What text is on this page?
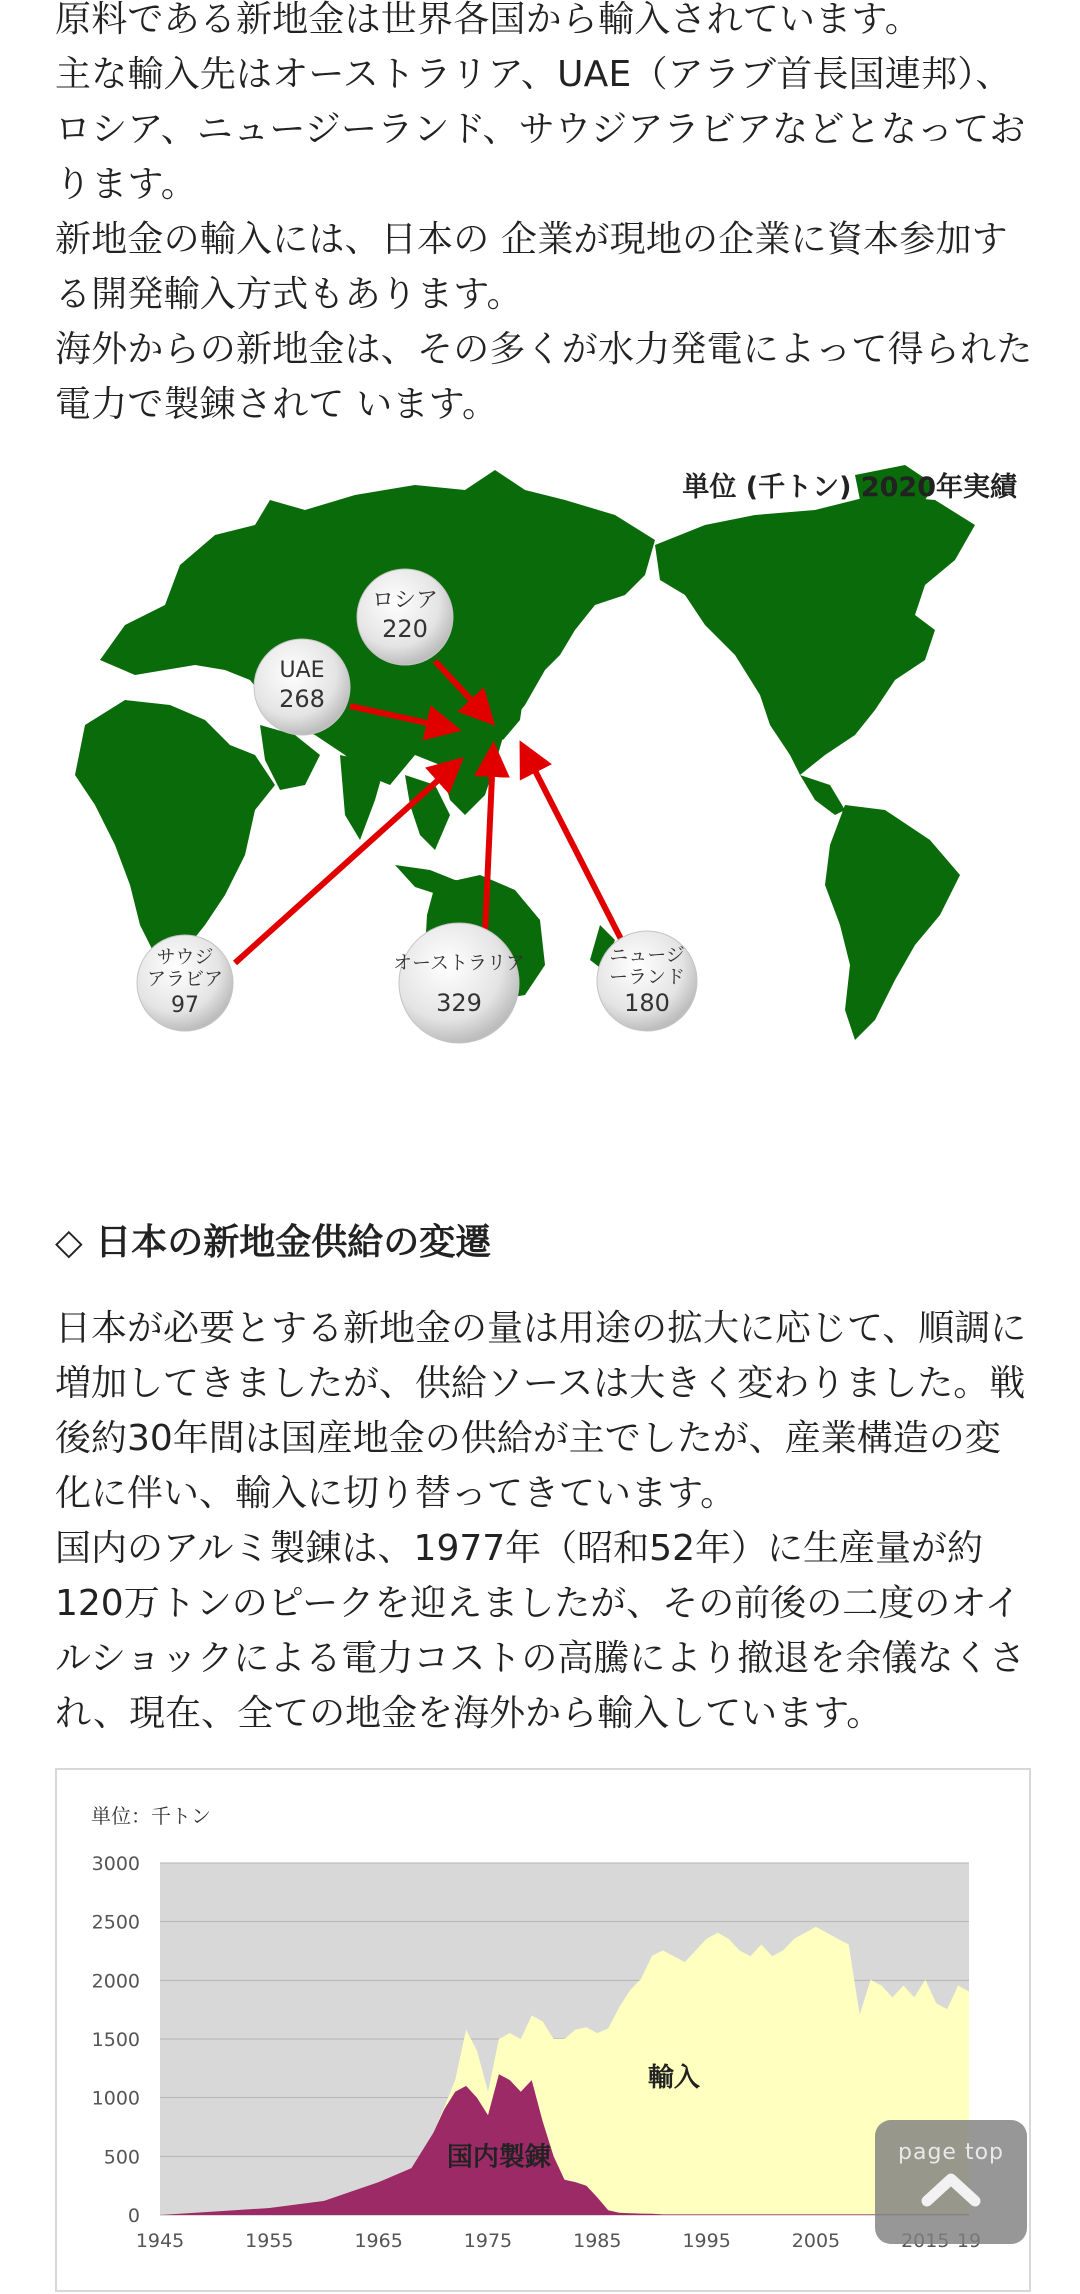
原料である新地金は世界各国から輸入されています。

主な輸入先はオーストラリア、UAE（アラブ首長国連邦）、ロシア、ニュージーランド、サウジアラビアなどとなっております。

新地金の輸入には、日本の 企業が現地の企業に資本参加する開発輸入方式もあります。

海外からの新地金は、その多くが水力発電によって得られた電力で製錬されて います。

単位 (千トン) 2020年実績
ロシア
220
UAE
268
サウジ
アラビア
97
オーストラリア
329
ニュージ
ーランド
180
◇ 日本の新地金供給の変遷

日本が必要とする新地金の量は用途の拡大に応じて、順調に増加してきましたが、供給ソースは大きく変わりました。戦後約30年間は国産地金の供給が主でしたが、産業構造の変化に伴い、輸入に切り替ってきています。

国内のアルミ製錬は、1977年（昭和52年）に生産量が約120万トンのピークを迎えましたが、その前後の二度のオイルショックによる電力コストの高騰により撤退を余儀なくされ、現在、全ての地金を海外から輸入しています。

単位：千トン
0
500
1000
1500
2000
2500
3000
1945	1955	1965	1975	1985	1995	2005
輸入
国内製錬	page top
